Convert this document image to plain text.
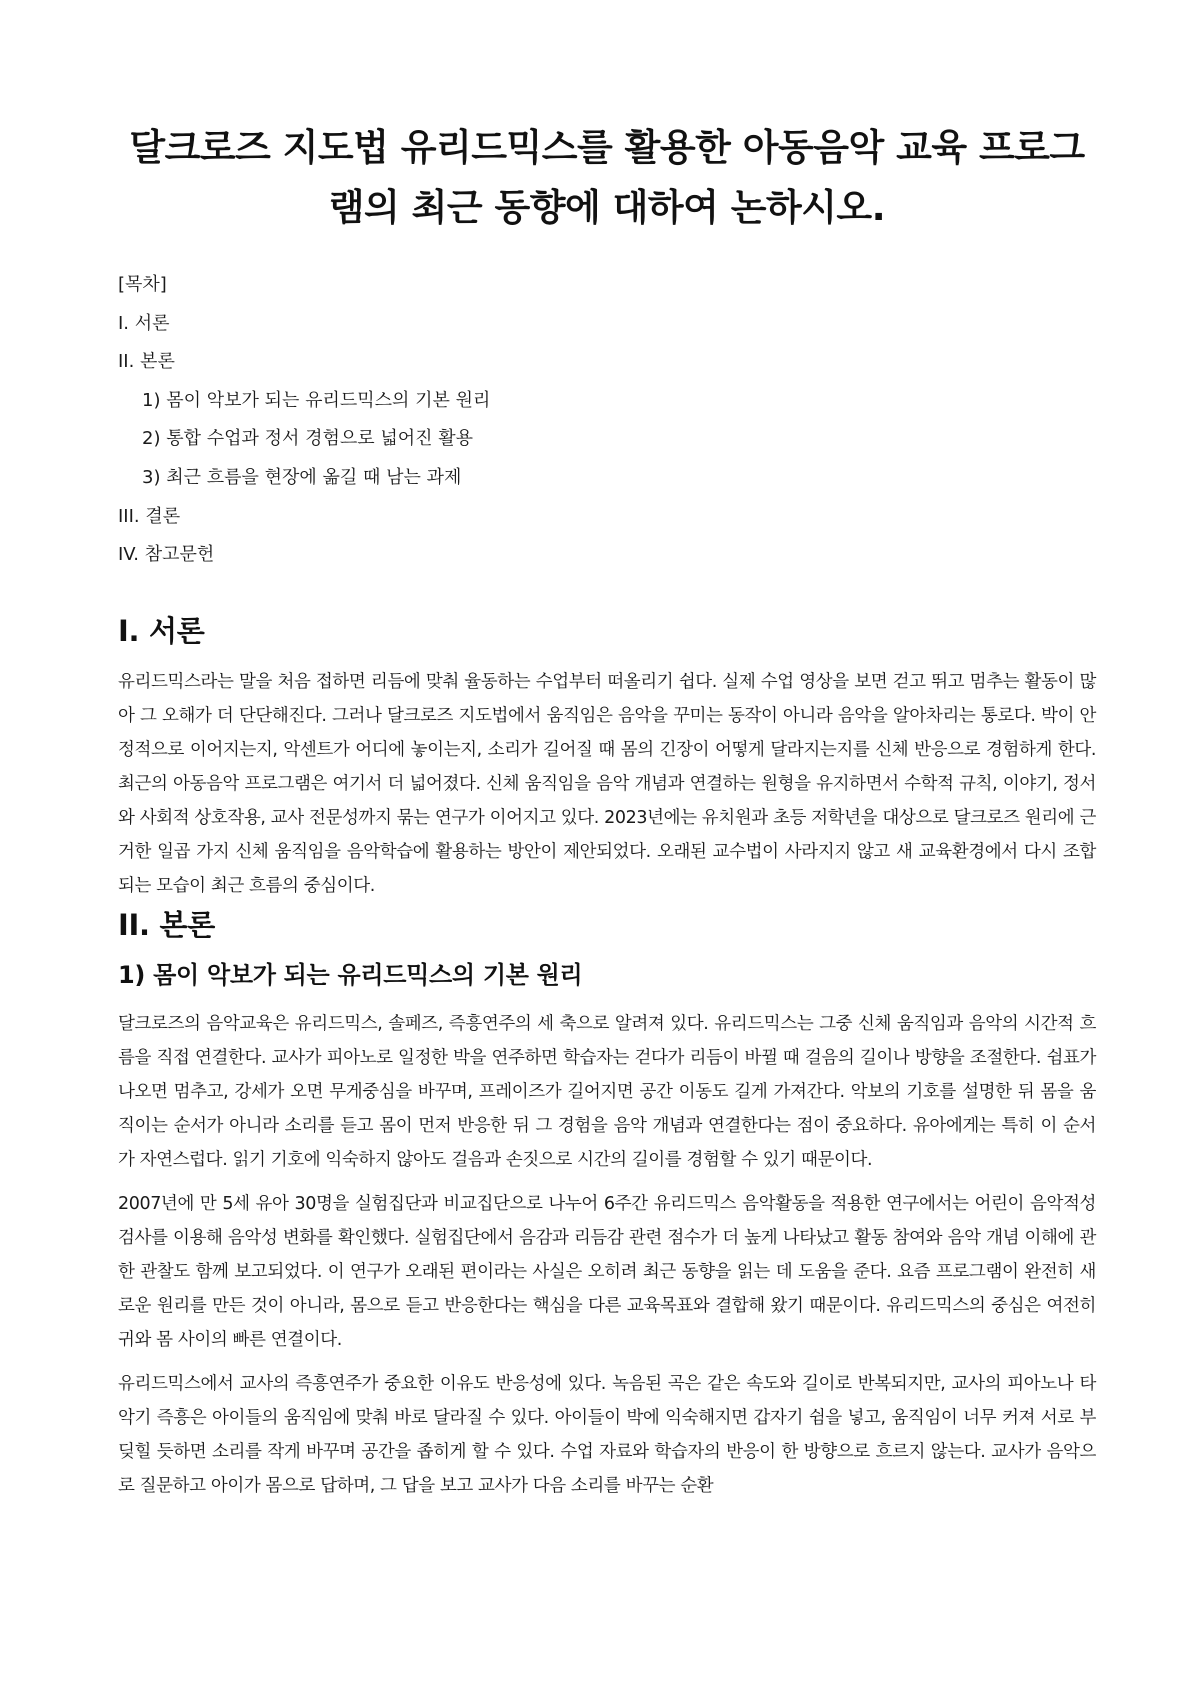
달크로즈 지도법 유리드믹스를 활용한 아동음악 교육 프로그램의 최근 동향에 대하여 논하시오.
[목차]
I. 서론
II. 본론
1) 몸이 악보가 되는 유리드믹스의 기본 원리
2) 통합 수업과 정서 경험으로 넓어진 활용
3) 최근 흐름을 현장에 옮길 때 남는 과제
III. 결론
IV. 참고문헌
I. 서론

유리드믹스라는 말을 처음 접하면 리듬에 맞춰 율동하는 수업부터 떠올리기 쉽다. 실제 수업 영상을 보면 걷고 뛰고 멈추는 활동이 많아 그 오해가 더 단단해진다. 그러나 달크로즈 지도법에서 움직임은 음악을 꾸미는 동작이 아니라 음악을 알아차리는 통로다. 박이 안정적으로 이어지는지, 악센트가 어디에 놓이는지, 소리가 길어질 때 몸의 긴장이 어떻게 달라지는지를 신체 반응으로 경험하게 한다. 최근의 아동음악 프로그램은 여기서 더 넓어졌다. 신체 움직임을 음악 개념과 연결하는 원형을 유지하면서 수학적 규칙, 이야기, 정서와 사회적 상호작용, 교사 전문성까지 묶는 연구가 이어지고 있다. 2023년에는 유치원과 초등 저학년을 대상으로 달크로즈 원리에 근거한 일곱 가지 신체 움직임을 음악학습에 활용하는 방안이 제안되었다. 오래된 교수법이 사라지지 않고 새 교육환경에서 다시 조합되는 모습이 최근 흐름의 중심이다.

II. 본론
1) 몸이 악보가 되는 유리드믹스의 기본 원리

달크로즈의 음악교육은 유리드믹스, 솔페즈, 즉흥연주의 세 축으로 알려져 있다. 유리드믹스는 그중 신체 움직임과 음악의 시간적 흐름을 직접 연결한다. 교사가 피아노로 일정한 박을 연주하면 학습자는 걷다가 리듬이 바뀔 때 걸음의 길이나 방향을 조절한다. 쉼표가 나오면 멈추고, 강세가 오면 무게중심을 바꾸며, 프레이즈가 길어지면 공간 이동도 길게 가져간다. 악보의 기호를 설명한 뒤 몸을 움직이는 순서가 아니라 소리를 듣고 몸이 먼저 반응한 뒤 그 경험을 음악 개념과 연결한다는 점이 중요하다. 유아에게는 특히 이 순서가 자연스럽다. 읽기 기호에 익숙하지 않아도 걸음과 손짓으로 시간의 길이를 경험할 수 있기 때문이다.

2007년에 만 5세 유아 30명을 실험집단과 비교집단으로 나누어 6주간 유리드믹스 음악활동을 적용한 연구에서는 어린이 음악적성 검사를 이용해 음악성 변화를 확인했다. 실험집단에서 음감과 리듬감 관련 점수가 더 높게 나타났고 활동 참여와 음악 개념 이해에 관한 관찰도 함께 보고되었다. 이 연구가 오래된 편이라는 사실은 오히려 최근 동향을 읽는 데 도움을 준다. 요즘 프로그램이 완전히 새로운 원리를 만든 것이 아니라, 몸으로 듣고 반응한다는 핵심을 다른 교육목표와 결합해 왔기 때문이다. 유리드믹스의 중심은 여전히 귀와 몸 사이의 빠른 연결이다.

유리드믹스에서 교사의 즉흥연주가 중요한 이유도 반응성에 있다. 녹음된 곡은 같은 속도와 길이로 반복되지만, 교사의 피아노나 타악기 즉흥은 아이들의 움직임에 맞춰 바로 달라질 수 있다. 아이들이 박에 익숙해지면 갑자기 쉼을 넣고, 움직임이 너무 커져 서로 부딪힐 듯하면 소리를 작게 바꾸며 공간을 좁히게 할 수 있다. 수업 자료와 학습자의 반응이 한 방향으로 흐르지 않는다. 교사가 음악으로 질문하고 아이가 몸으로 답하며, 그 답을 보고 교사가 다음 소리를 바꾸는 순환
